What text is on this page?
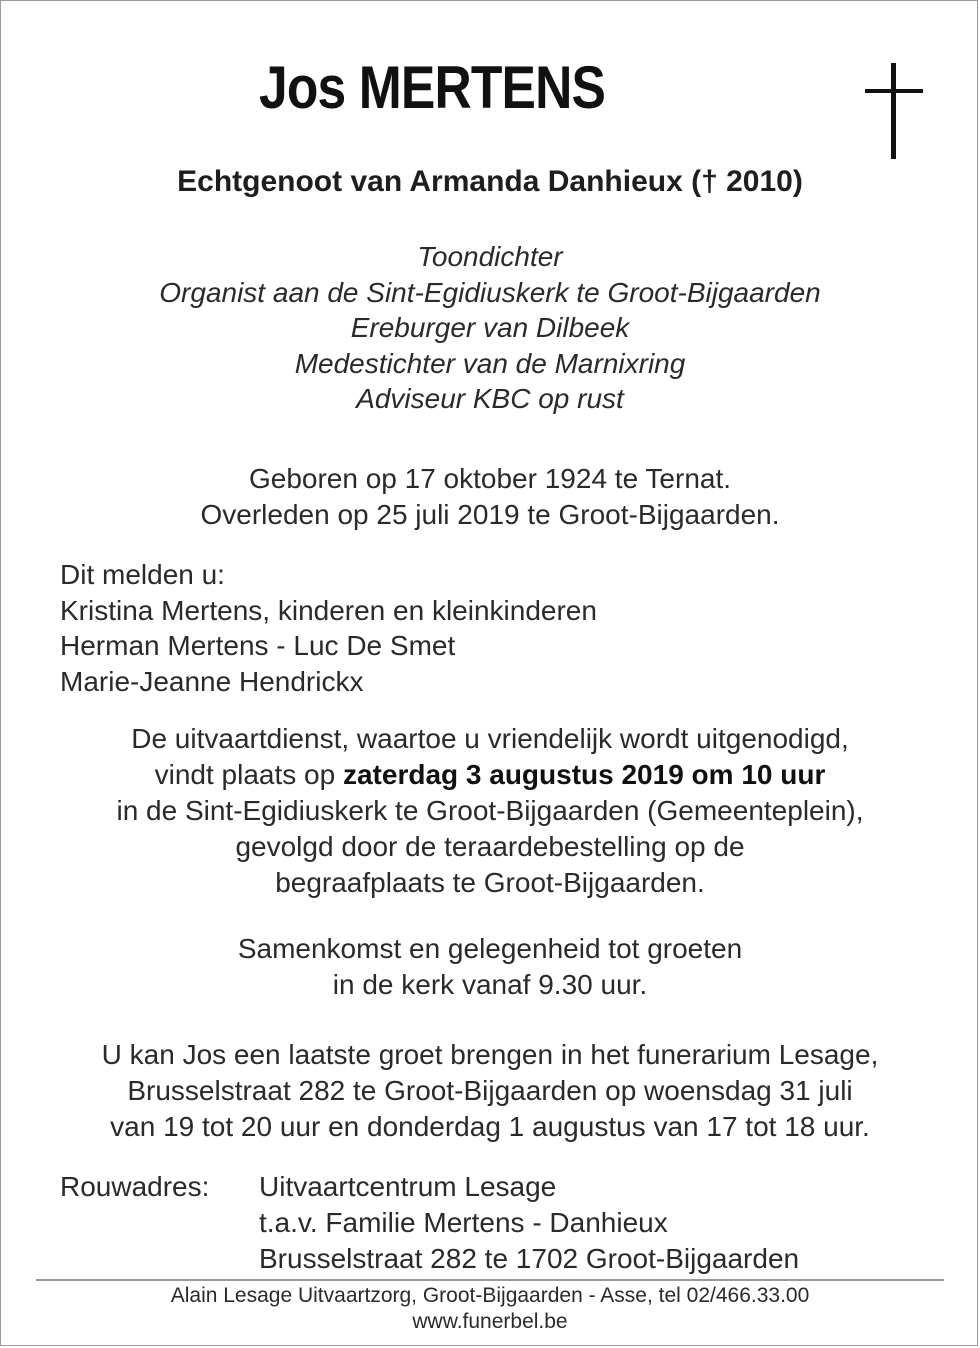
Jos MERTENS
Echtgenoot van Armanda Danhieux († 2010)
Toondichter
Organist aan de Sint-Egidiuskerk te Groot-Bijgaarden
Ereburger van Dilbeek
Medestichter van de Marnixring
Adviseur KBC op rust
Geboren op 17 oktober 1924 te Ternat.
Overleden op 25 juli 2019 te Groot-Bijgaarden.
Dit melden u:
Kristina Mertens, kinderen en kleinkinderen
Herman Mertens - Luc De Smet
Marie-Jeanne Hendrickx
De uitvaartdienst, waartoe u vriendelijk wordt uitgenodigd,
vindt plaats op zaterdag 3 augustus 2019 om 10 uur
in de Sint-Egidiuskerk te Groot-Bijgaarden (Gemeenteplein),
gevolgd door de teraardebestelling op de
begraafplaats te Groot-Bijgaarden.
Samenkomst en gelegenheid tot groeten
in de kerk vanaf 9.30 uur.
U kan Jos een laatste groet brengen in het funerarium Lesage,
Brusselstraat 282 te Groot-Bijgaarden op woensdag 31 juli
van 19 tot 20 uur en donderdag 1 augustus van 17 tot 18 uur.
Rouwadres: Uitvaartcentrum Lesage
t.a.v. Familie Mertens - Danhieux
Brusselstraat 282 te 1702 Groot-Bijgaarden
Alain Lesage Uitvaartzorg, Groot-Bijgaarden - Asse, tel 02/466.33.00
www.funerbel.be
